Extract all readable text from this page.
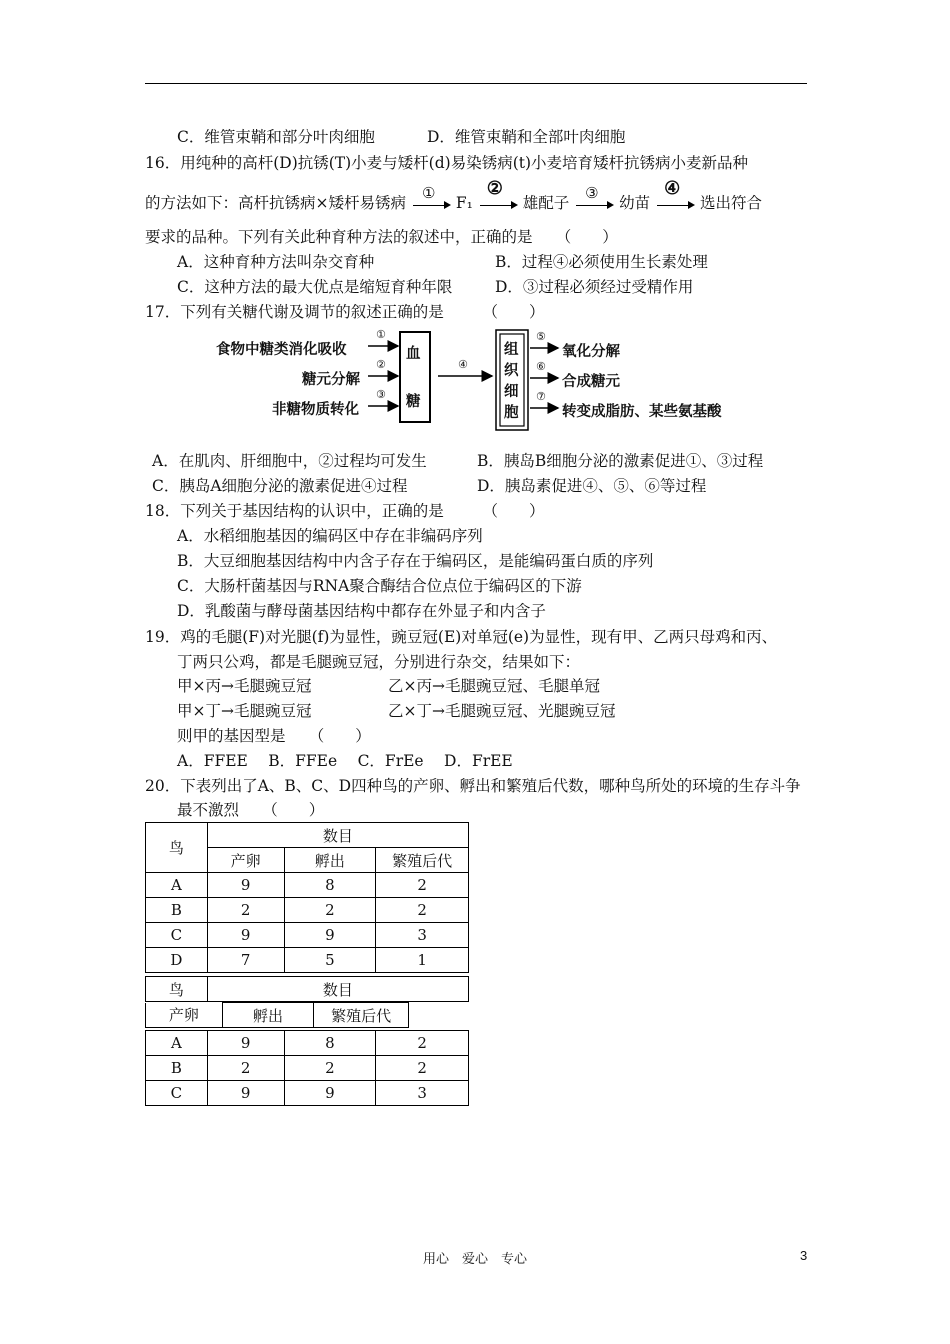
C．维管束鞘和部分叶肉细胞	D．维管束鞘和全部叶肉细胞
16．用纯种的高杆(D)抗锈(T)小麦与矮杆(d)易染锈病(t)小麦培育矮杆抗锈病小麦新品种
的方法如下：高杆抗锈病×矮杆易锈病
①
F₁
②
雄配子
③
幼苗
④
选出符合
要求的品种。下列有关此种育种方法的叙述中，正确的是　　（　　）
A．这种育种方法叫杂交育种	B．过程④必须使用生长素处理
C．这种方法的最大优点是缩短育种年限	D．③过程必须经过受精作用
17．下列有关糖代谢及调节的叙述正确的是　　　（　　）
食物中糖类消化吸收
糖元分解
非糖物质转化
①
②
③
血
糖
④
组
织
细
胞
⑤
⑥
⑦
氧化分解
合成糖元
转变成脂肪、某些氨基酸
A．在肌肉、肝细胞中，②过程均可发生	B．胰岛B细胞分泌的激素促进①、③过程
C．胰岛A细胞分泌的激素促进④过程	D．胰岛素促进④、⑤、⑥等过程
18．下列关于基因结构的认识中，正确的是　　　（　　）
A．水稻细胞基因的编码区中存在非编码序列
B．大豆细胞基因结构中内含子存在于编码区，是能编码蛋白质的序列
C．大肠杆菌基因与RNA聚合酶结合位点位于编码区的下游
D．乳酸菌与酵母菌基因结构中都存在外显子和内含子
19．鸡的毛腿(F)对光腿(f)为显性，豌豆冠(E)对单冠(e)为显性，现有甲、乙两只母鸡和丙、
丁两只公鸡，都是毛腿豌豆冠，分别进行杂交，结果如下：
甲×丙→毛腿豌豆冠	乙×丙→毛腿豌豆冠、毛腿单冠
甲×丁→毛腿豌豆冠	乙×丁→毛腿豌豆冠、光腿豌豆冠
则甲的基因型是　　（　　）
A．FFEE　 B．FFEe　 C．FrEe　 D．FrEE
20．下表列出了A、B、C、D四种鸟的产卵、孵出和繁殖后代数，哪种鸟所处的环境的生存斗争
最不激烈　　（　　）
鸟	数目		
	产卵	孵出	繁殖后代
A	9	8	2
B	2	2	2
C	9	9	3
D	7	5	1
鸟	数目
产卵	孵出	繁殖后代
A	9	8	2
B	2	2	2
C	9	9	3
用心　爱心　专心	3
